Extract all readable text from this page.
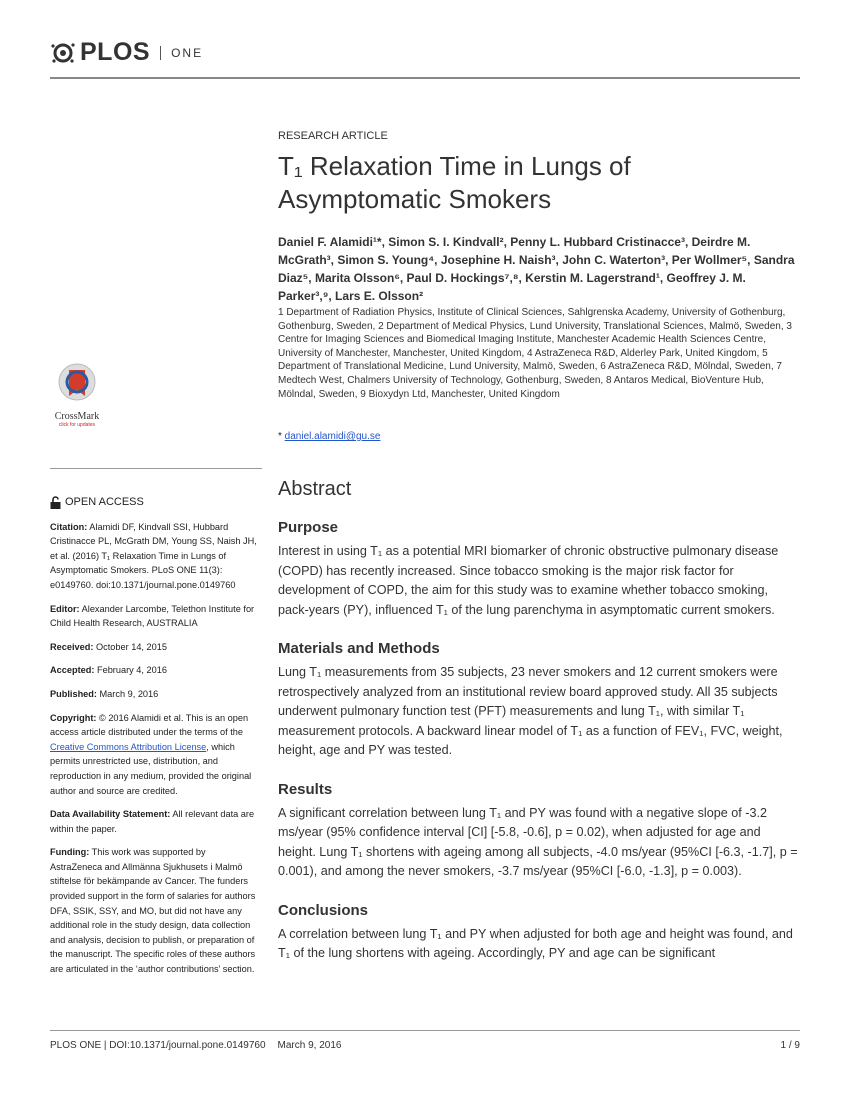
PLOS	ONE
RESEARCH ARTICLE
T₁ Relaxation Time in Lungs of Asymptomatic Smokers
Daniel F. Alamidi¹*, Simon S. I. Kindvall², Penny L. Hubbard Cristinacce³, Deirdre M. McGrath³, Simon S. Young⁴, Josephine H. Naish³, John C. Waterton³, Per Wollmer⁵, Sandra Diaz⁵, Marita Olsson⁶, Paul D. Hockings⁷,⁸, Kerstin M. Lagerstrand¹, Geoffrey J. M. Parker³,⁹, Lars E. Olsson²
1 Department of Radiation Physics, Institute of Clinical Sciences, Sahlgrenska Academy, University of Gothenburg, Gothenburg, Sweden, 2 Department of Medical Physics, Lund University, Translational Sciences, Malmö, Sweden, 3 Centre for Imaging Sciences and Biomedical Imaging Institute, Manchester Academic Health Sciences Centre, University of Manchester, Manchester, United Kingdom, 4 AstraZeneca R&D, Alderley Park, United Kingdom, 5 Department of Translational Medicine, Lund University, Malmö, Sweden, 6 AstraZeneca R&D, Mölndal, Sweden, 7 Medtech West, Chalmers University of Technology, Gothenburg, Sweden, 8 Antaros Medical, BioVenture Hub, Mölndal, Sweden, 9 Bioxydyn Ltd, Manchester, United Kingdom
* daniel.alamidi@gu.se
CrossMark
click for updates
OPEN ACCESS

Citation: Alamidi DF, Kindvall SSI, Hubbard Cristinacce PL, McGrath DM, Young SS, Naish JH, et al. (2016) T₁ Relaxation Time in Lungs of Asymptomatic Smokers. PLoS ONE 11(3): e0149760. doi:10.1371/journal.pone.0149760

Editor: Alexander Larcombe, Telethon Institute for Child Health Research, AUSTRALIA

Received: October 14, 2015

Accepted: February 4, 2016

Published: March 9, 2016

Copyright: © 2016 Alamidi et al. This is an open access article distributed under the terms of the Creative Commons Attribution License, which permits unrestricted use, distribution, and reproduction in any medium, provided the original author and source are credited.

Data Availability Statement: All relevant data are within the paper.

Funding: This work was supported by AstraZeneca and Allmänna Sjukhusets i Malmö stiftelse för bekämpande av Cancer. The funders provided support in the form of salaries for authors DFA, SSIK, SSY, and MO, but did not have any additional role in the study design, data collection and analysis, decision to publish, or preparation of the manuscript. The specific roles of these authors are articulated in the ‘author contributions’ section.

Abstract
Purpose

Interest in using T₁ as a potential MRI biomarker of chronic obstructive pulmonary disease (COPD) has recently increased. Since tobacco smoking is the major risk factor for development of COPD, the aim for this study was to examine whether tobacco smoking, pack-years (PY), influenced T₁ of the lung parenchyma in asymptomatic current smokers.

Materials and Methods

Lung T₁ measurements from 35 subjects, 23 never smokers and 12 current smokers were retrospectively analyzed from an institutional review board approved study. All 35 subjects underwent pulmonary function test (PFT) measurements and lung T₁, with similar T₁ measurement protocols. A backward linear model of T₁ as a function of FEV₁, FVC, weight, height, age and PY was tested.

Results

A significant correlation between lung T₁ and PY was found with a negative slope of -3.2 ms/year (95% confidence interval [CI] [-5.8, -0.6], p = 0.02), when adjusted for age and height. Lung T₁ shortens with ageing among all subjects, -4.0 ms/year (95%CI [-6.3, -1.7], p = 0.001), and among the never smokers, -3.7 ms/year (95%CI [-6.0, -1.3], p = 0.003).

Conclusions

A correlation between lung T₁ and PY when adjusted for both age and height was found, and T₁ of the lung shortens with ageing. Accordingly, PY and age can be significant

PLOS ONE | DOI:10.1371/journal.pone.0149760 March 9, 2016	1 / 9
